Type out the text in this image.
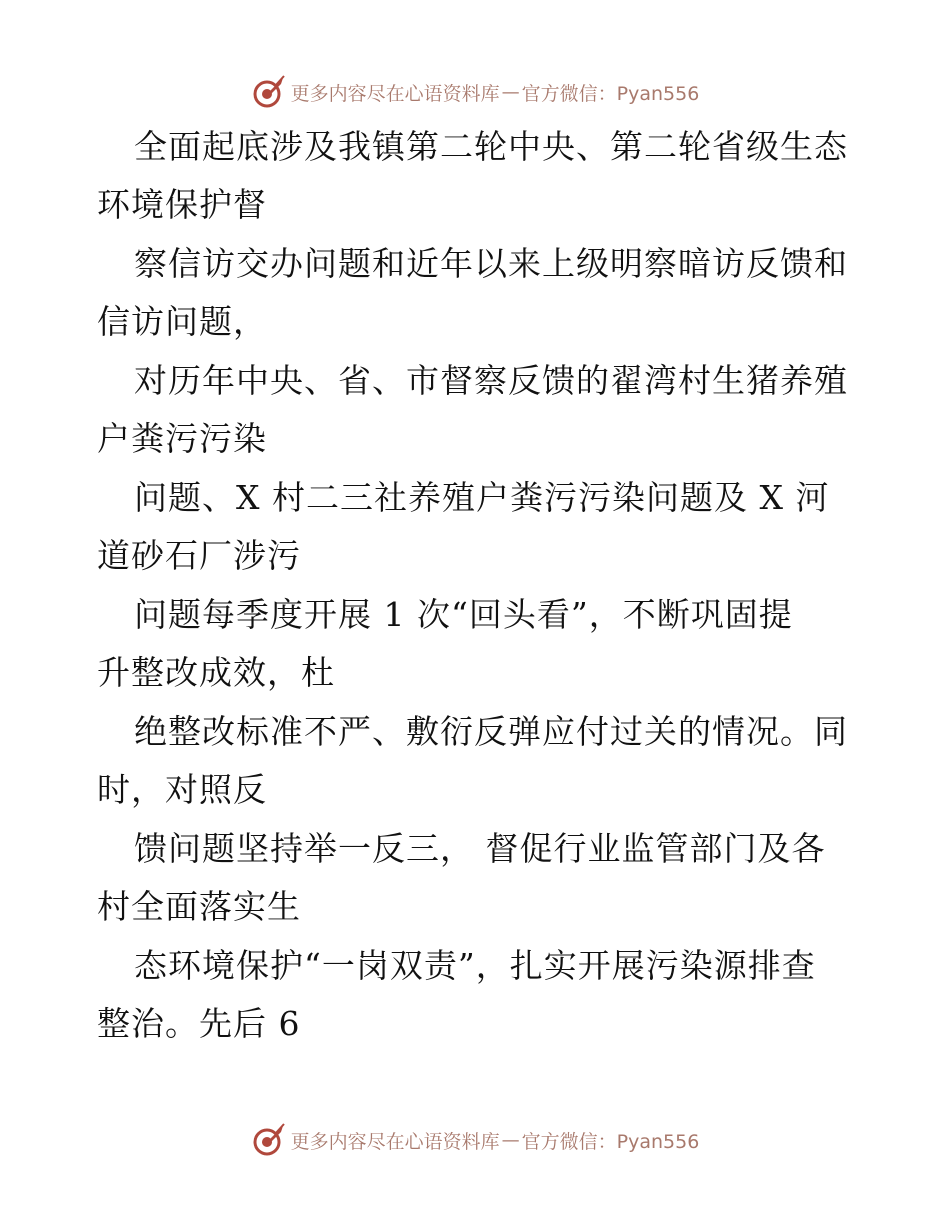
更多内容尽在心语资料库 — 官方微信：Pyan556
全面起底涉及我镇第二轮中央、第二轮省级生态
环境保护督
察信访交办问题和近年以来上级明察暗访反馈和
信访问题，
对历年中央、省、市督察反馈的翟湾村生猪养殖
户粪污污染
问题、X 村二三社养殖户粪污污染问题及 X 河
道砂石厂涉污
问题每季度开展 1 次“回头看”，不断巩固提
升整改成效，杜
绝整改标准不严、敷衍反弹应付过关的情况。同
时，对照反
馈问题坚持举一反三， 督促行业监管部门及各
村全面落实生
态环境保护“一岗双责”，扎实开展污染源排查
整治。先后 6
更多内容尽在心语资料库 — 官方微信：Pyan556
